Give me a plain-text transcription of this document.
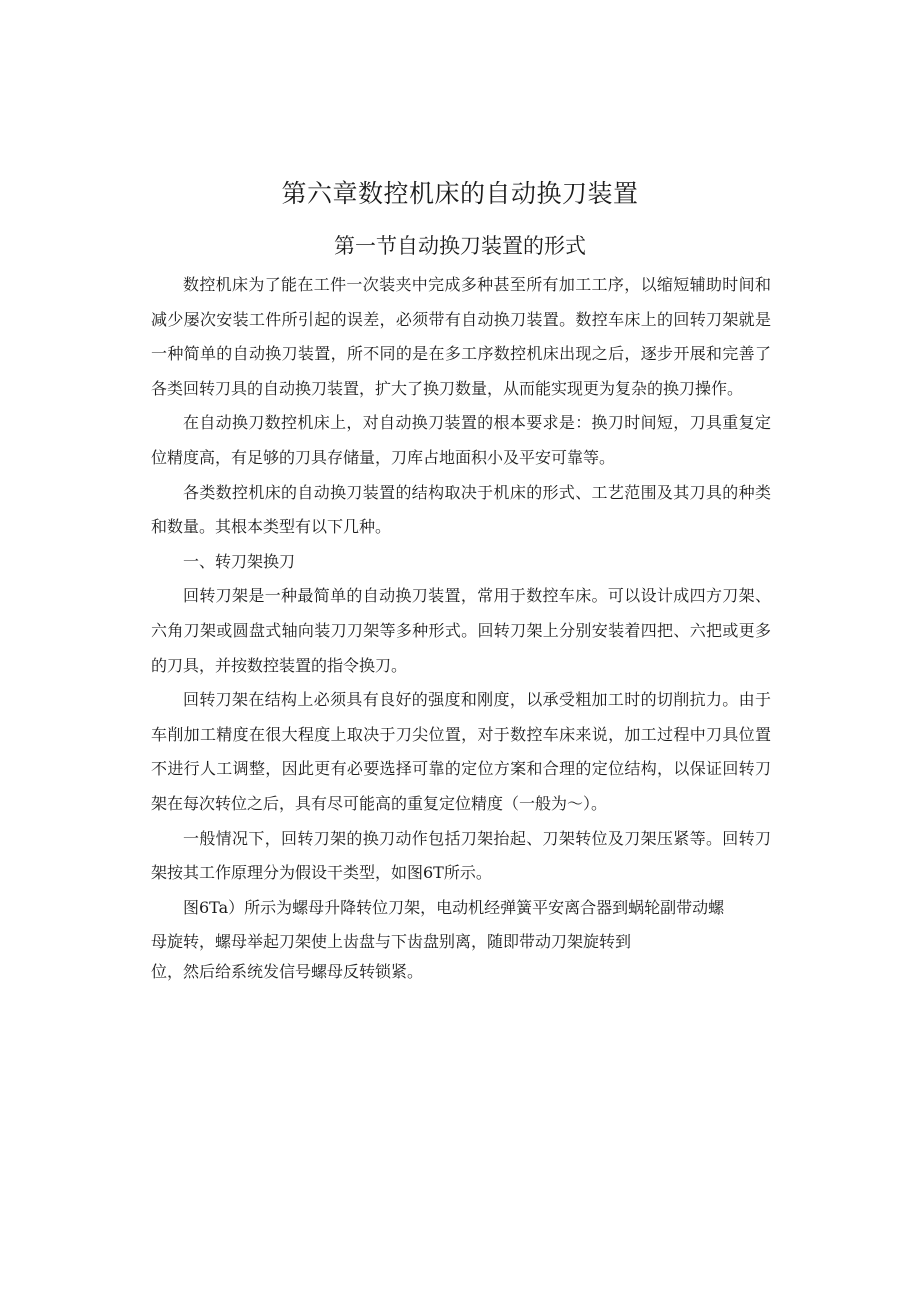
第六章数控机床的自动换刀装置
第一节自动换刀装置的形式

数控机床为了能在工件一次装夹中完成多种甚至所有加工工序，以缩短辅助时间和减少屡次安装工件所引起的误差，必须带有自动换刀装置。数控车床上的回转刀架就是一种简单的自动换刀装置，所不同的是在多工序数控机床出现之后，逐步开展和完善了各类回转刀具的自动换刀装置，扩大了换刀数量，从而能实现更为复杂的换刀操作。

在自动换刀数控机床上，对自动换刀装置的根本要求是：换刀时间短，刀具重复定位精度高，有足够的刀具存储量，刀库占地面积小及平安可靠等。

各类数控机床的自动换刀装置的结构取决于机床的形式、工艺范围及其刀具的种类和数量。其根本类型有以下几种。

一、转刀架换刀

回转刀架是一种最简单的自动换刀装置，常用于数控车床。可以设计成四方刀架、六角刀架或圆盘式轴向装刀刀架等多种形式。回转刀架上分别安装着四把、六把或更多的刀具，并按数控装置的指令换刀。

回转刀架在结构上必须具有良好的强度和刚度，以承受粗加工时的切削抗力。由于车削加工精度在很大程度上取决于刀尖位置，对于数控车床来说，加工过程中刀具位置不进行人工调整，因此更有必要选择可靠的定位方案和合理的定位结构，以保证回转刀架在每次转位之后，具有尽可能高的重复定位精度（一般为～）。

一般情况下，回转刀架的换刀动作包括刀架抬起、刀架转位及刀架压紧等。回转刀架按其工作原理分为假设干类型，如图6T所示。

图6Ta）所示为螺母升降转位刀架，电动机经弹簧平安离合器到蜗轮副带动螺
母旋转，螺母举起刀架使上齿盘与下齿盘别离，随即带动刀架旋转到
位，然后给系统发信号螺母反转锁紧。
